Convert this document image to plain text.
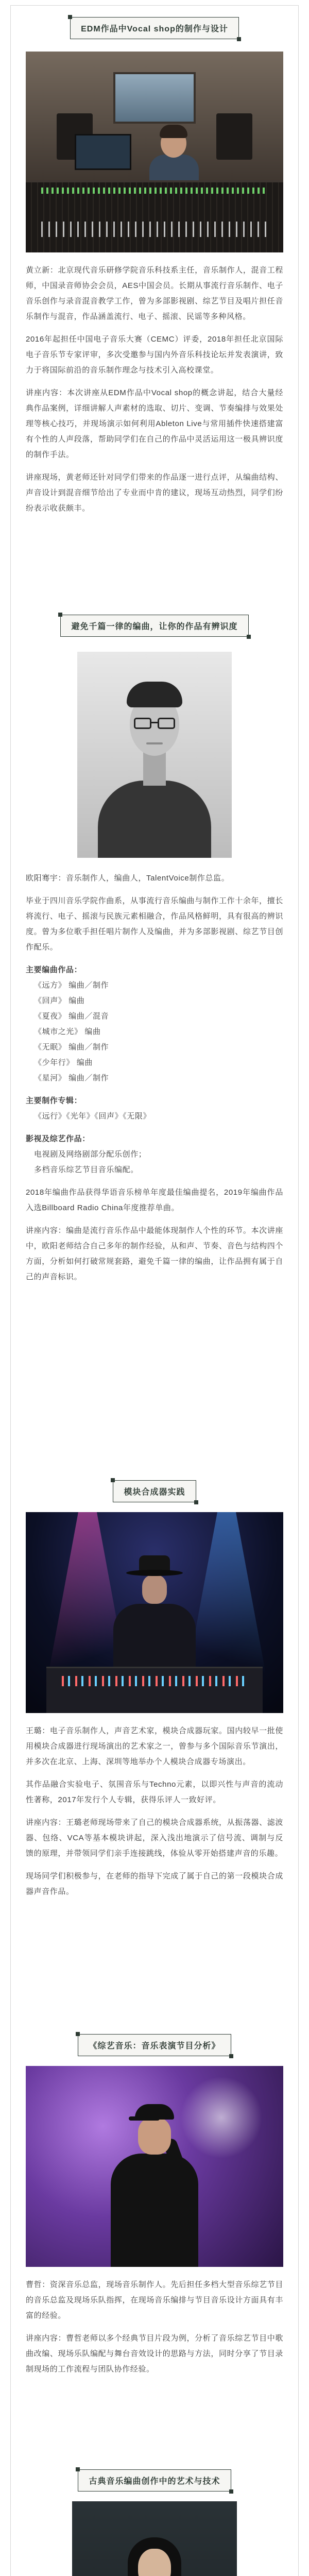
EDM作品中Vocal shop的制作与设计
黄立新：北京现代音乐研修学院音乐科技系主任，音乐制作人，混音工程师，中国录音师协会会员，AES中国会员。长期从事流行音乐制作、电子音乐创作与录音混音教学工作，曾为多部影视剧、综艺节目及唱片担任音乐制作与混音，作品涵盖流行、电子、摇滚、民谣等多种风格。
2016年起担任中国电子音乐大赛（CEMC）评委，2018年担任北京国际电子音乐节专家评审，多次受邀参与国内外音乐科技论坛并发表演讲，致力于将国际前沿的音乐制作理念与技术引入高校课堂。
讲座内容：本次讲座从EDM作品中Vocal shop的概念讲起，结合大量经典作品案例，详细讲解人声素材的选取、切片、变调、节奏编排与效果处理等核心技巧，并现场演示如何利用Ableton Live与常用插件快速搭建富有个性的人声段落，帮助同学们在自己的作品中灵活运用这一极具辨识度的制作手法。
讲座现场，黄老师还针对同学们带来的作品逐一进行点评，从编曲结构、声音设计到混音细节给出了专业而中肯的建议，现场互动热烈，同学们纷纷表示收获颇丰。
避免千篇一律的编曲，让你的作品有辨识度
欧阳骞宇：音乐制作人，编曲人，TalentVoice制作总监。
毕业于四川音乐学院作曲系，从事流行音乐编曲与制作工作十余年，擅长将流行、电子、摇滚与民族元素相融合，作品风格鲜明，具有很高的辨识度。曾为多位歌手担任唱片制作人及编曲，并为多部影视剧、综艺节目创作配乐。
主要编曲作品：
《远方》 编曲／制作
《回声》 编曲
《夏夜》 编曲／混音
《城市之光》 编曲
《无眠》 编曲／制作
《少年行》 编曲
《星河》 编曲／制作
主要制作专辑：
《远行》《光年》《回声》《无限》
影视及综艺作品：
电视剧及网络剧部分配乐创作；
多档音乐综艺节目音乐编配。
2018年编曲作品获得华语音乐榜单年度最佳编曲提名，2019年编曲作品入选Billboard Radio China年度推荐单曲。
讲座内容：编曲是流行音乐作品中最能体现制作人个性的环节。本次讲座中，欧阳老师结合自己多年的制作经验，从和声、节奏、音色与结构四个方面，分析如何打破常规套路，避免千篇一律的编曲，让作品拥有属于自己的声音标识。
模块合成器实践
王璐：电子音乐制作人，声音艺术家，模块合成器玩家。国内较早一批使用模块合成器进行现场演出的艺术家之一，曾参与多个国际音乐节演出，并多次在北京、上海、深圳等地举办个人模块合成器专场演出。
其作品融合实验电子、氛围音乐与Techno元素，以即兴性与声音的流动性著称，2017年发行个人专辑，获得乐评人一致好评。
讲座内容：王璐老师现场带来了自己的模块合成器系统，从振荡器、滤波器、包络、VCA等基本模块讲起，深入浅出地演示了信号流、调制与反馈的原理，并带领同学们亲手连接跳线，体验从零开始搭建声音的乐趣。
现场同学们积极参与，在老师的指导下完成了属于自己的第一段模块合成器声音作品。
《综艺音乐：音乐表演节目分析》
曹哲：资深音乐总监，现场音乐制作人。先后担任多档大型音乐综艺节目的音乐总监及现场乐队指挥，在现场音乐编排与节目音乐设计方面具有丰富的经验。
讲座内容：曹哲老师以多个经典节目片段为例，分析了音乐综艺节目中歌曲改编、现场乐队编配与舞台音效设计的思路与方法，同时分享了节目录制现场的工作流程与团队协作经验。
古典音乐编曲创作中的艺术与技术
